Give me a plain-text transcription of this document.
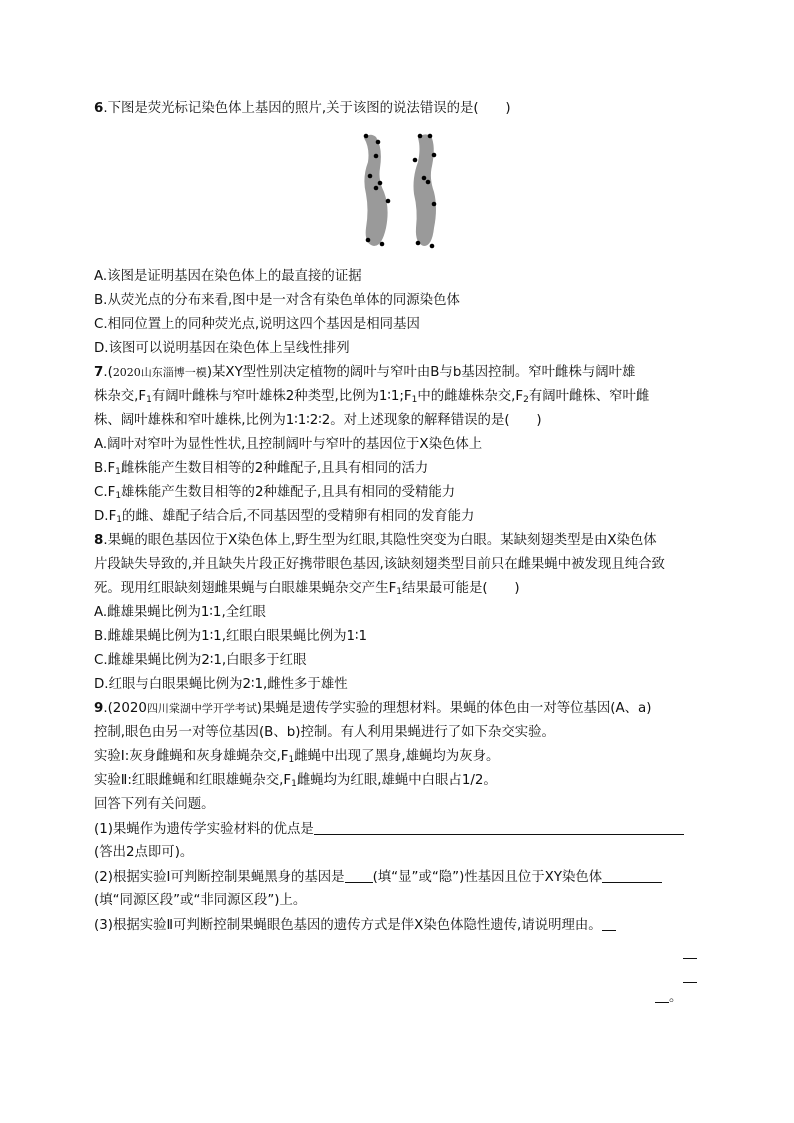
6.下图是荧光标记染色体上基因的照片,关于该图的说法错误的是(　　)
A.该图是证明基因在染色体上的最直接的证据
B.从荧光点的分布来看,图中是一对含有染色单体的同源染色体
C.相同位置上的同种荧光点,说明这四个基因是相同基因
D.该图可以说明基因在染色体上呈线性排列
7.(2020山东淄博一模)某XY型性别决定植物的阔叶与窄叶由B与b基因控制。窄叶雌株与阔叶雄
株杂交$,F_1$有阔叶雌株与窄叶雄株2种类型,比例为$1∶1;F_1$中的雌雄株杂交$,F_2$有阔叶雌株、窄叶雌
株、阔叶雄株和窄叶雄株,比例为1∶1∶2∶2。对上述现象的解释错误的是(　　)
A.阔叶对窄叶为显性性状,且控制阔叶与窄叶的基因位于X染色体上
$B.F_1$雌株能产生数目相等的2种雌配子,且具有相同的活力
$C.F_1$雄株能产生数目相等的2种雄配子,且具有相同的受精能力
$D.F_1$的雌、雄配子结合后,不同基因型的受精卵有相同的发育能力
8.果蝇的眼色基因位于X染色体上,野生型为红眼,其隐性突变为白眼。某缺刻翅类型是由X染色体
片段缺失导致的,并且缺失片段正好携带眼色基因,该缺刻翅类型目前只在雌果蝇中被发现且纯合致
死。现用红眼缺刻翅雌果蝇与白眼雄果蝇杂交产生$F_1$结果最可能是(　　)
A.雌雄果蝇比例为1∶1,全红眼
B.雌雄果蝇比例为1∶1,红眼白眼果蝇比例为1∶1
C.雌雄果蝇比例为2∶1,白眼多于红眼
D.红眼与白眼果蝇比例为2∶1,雌性多于雄性
9.(2020四川棠湖中学开学考试)果蝇是遗传学实验的理想材料。果蝇的体色由一对等位基因(A、a)
控制,眼色由另一对等位基因(B、b)控制。有人利用果蝇进行了如下杂交实验。
实验Ⅰ:灰身雌蝇和灰身雄蝇杂交$,F_1$雌蝇中出现了黑身,雄蝇均为灰身。
实验Ⅱ:红眼雌蝇和红眼雄蝇杂交$,F_1$雌蝇均为红眼,雄蝇中白眼占1/2。
回答下列有关问题。
(1)果蝇作为遗传学实验材料的优点是
(答出2点即可)。
(2)根据实验Ⅰ可判断控制果蝇黑身的基因是 (填“显”或“隐”)性基因且位于XY染色体
(填“同源区段”或“非同源区段”)上。
(3)根据实验Ⅱ可判断控制果蝇眼色基因的遗传方式是伴X染色体隐性遗传,请说明理由。
。
